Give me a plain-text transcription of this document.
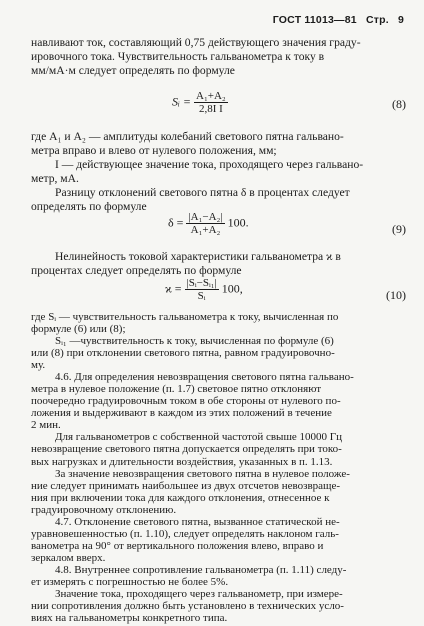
ГОСТ 11013—81 Стр. 9
навливают ток, составляющий 0,75 действующего значения граду-
ировочного тока. Чувствительность гальванометра к току в
мм/мА·м следует определять по формуле
Sᵢ = $\frac{\text{A₁+A₂}}{\text{2,8I I}}$	(8)
где A₁ и A₂ — амплитуды колебаний светового пятна гальвано-
метра вправо и влево от нулевого положения, мм;
I — действующее значение тока, проходящего через гальвано-
метр, мА.
Разницу отклонений светового пятна δ в процентах следует
определять по формуле
$\delta = \frac{\text{|A₁−A₂|}}{\text{A₁+A₂}} 100$.	(9)
Нелинейность токовой характеристики гальванометра ϰ в
процентах следует определять по формуле
$ϰ = \frac{\text{|Sᵢ−Sᵢ₁|}}{\text{Sᵢ}} 100$,	(10)
где Sᵢ — чувствительность гальванометра к току, вычисленная по
формуле (6) или (8);
Sᵢ₁ —чувствительность к току, вычисленная по формуле (6)
или (8) при отклонении светового пятна, равном градуировочно-
му.
4.6. Для определения невозвращения светового пятна гальвано-
метра в нулевое положение (п. 1.7) световое пятно отклоняют
поочередно градуировочным током в обе стороны от нулевого по-
ложения и выдерживают в каждом из этих положений в течение
2 мин.
Для гальванометров с собственной частотой свыше 10000 Гц
невозвращение светового пятна допускается определять при токо-
вых нагрузках и длительности воздействия, указанных в п. 1.13.
За значение невозвращения светового пятна в нулевое положе-
ние следует принимать наибольшее из двух отсчетов невозвраще-
ния при включении тока для каждого отклонения, отнесенное к
градуировочному отклонению.
4.7. Отклонение светового пятна, вызванное статической не-
уравновешенностью (п. 1.10), следует определять наклоном галь-
ванометра на 90° от вертикального положения влево, вправо и
зеркалом вверх.
4.8. Внутреннее сопротивление гальванометра (п. 1.11) следу-
ет измерять с погрешностью не более 5%.
Значение тока, проходящего через гальванометр, при измере-
нии сопротивления должно быть установлено в технических усло-
виях на гальванометры конкретного типа.
